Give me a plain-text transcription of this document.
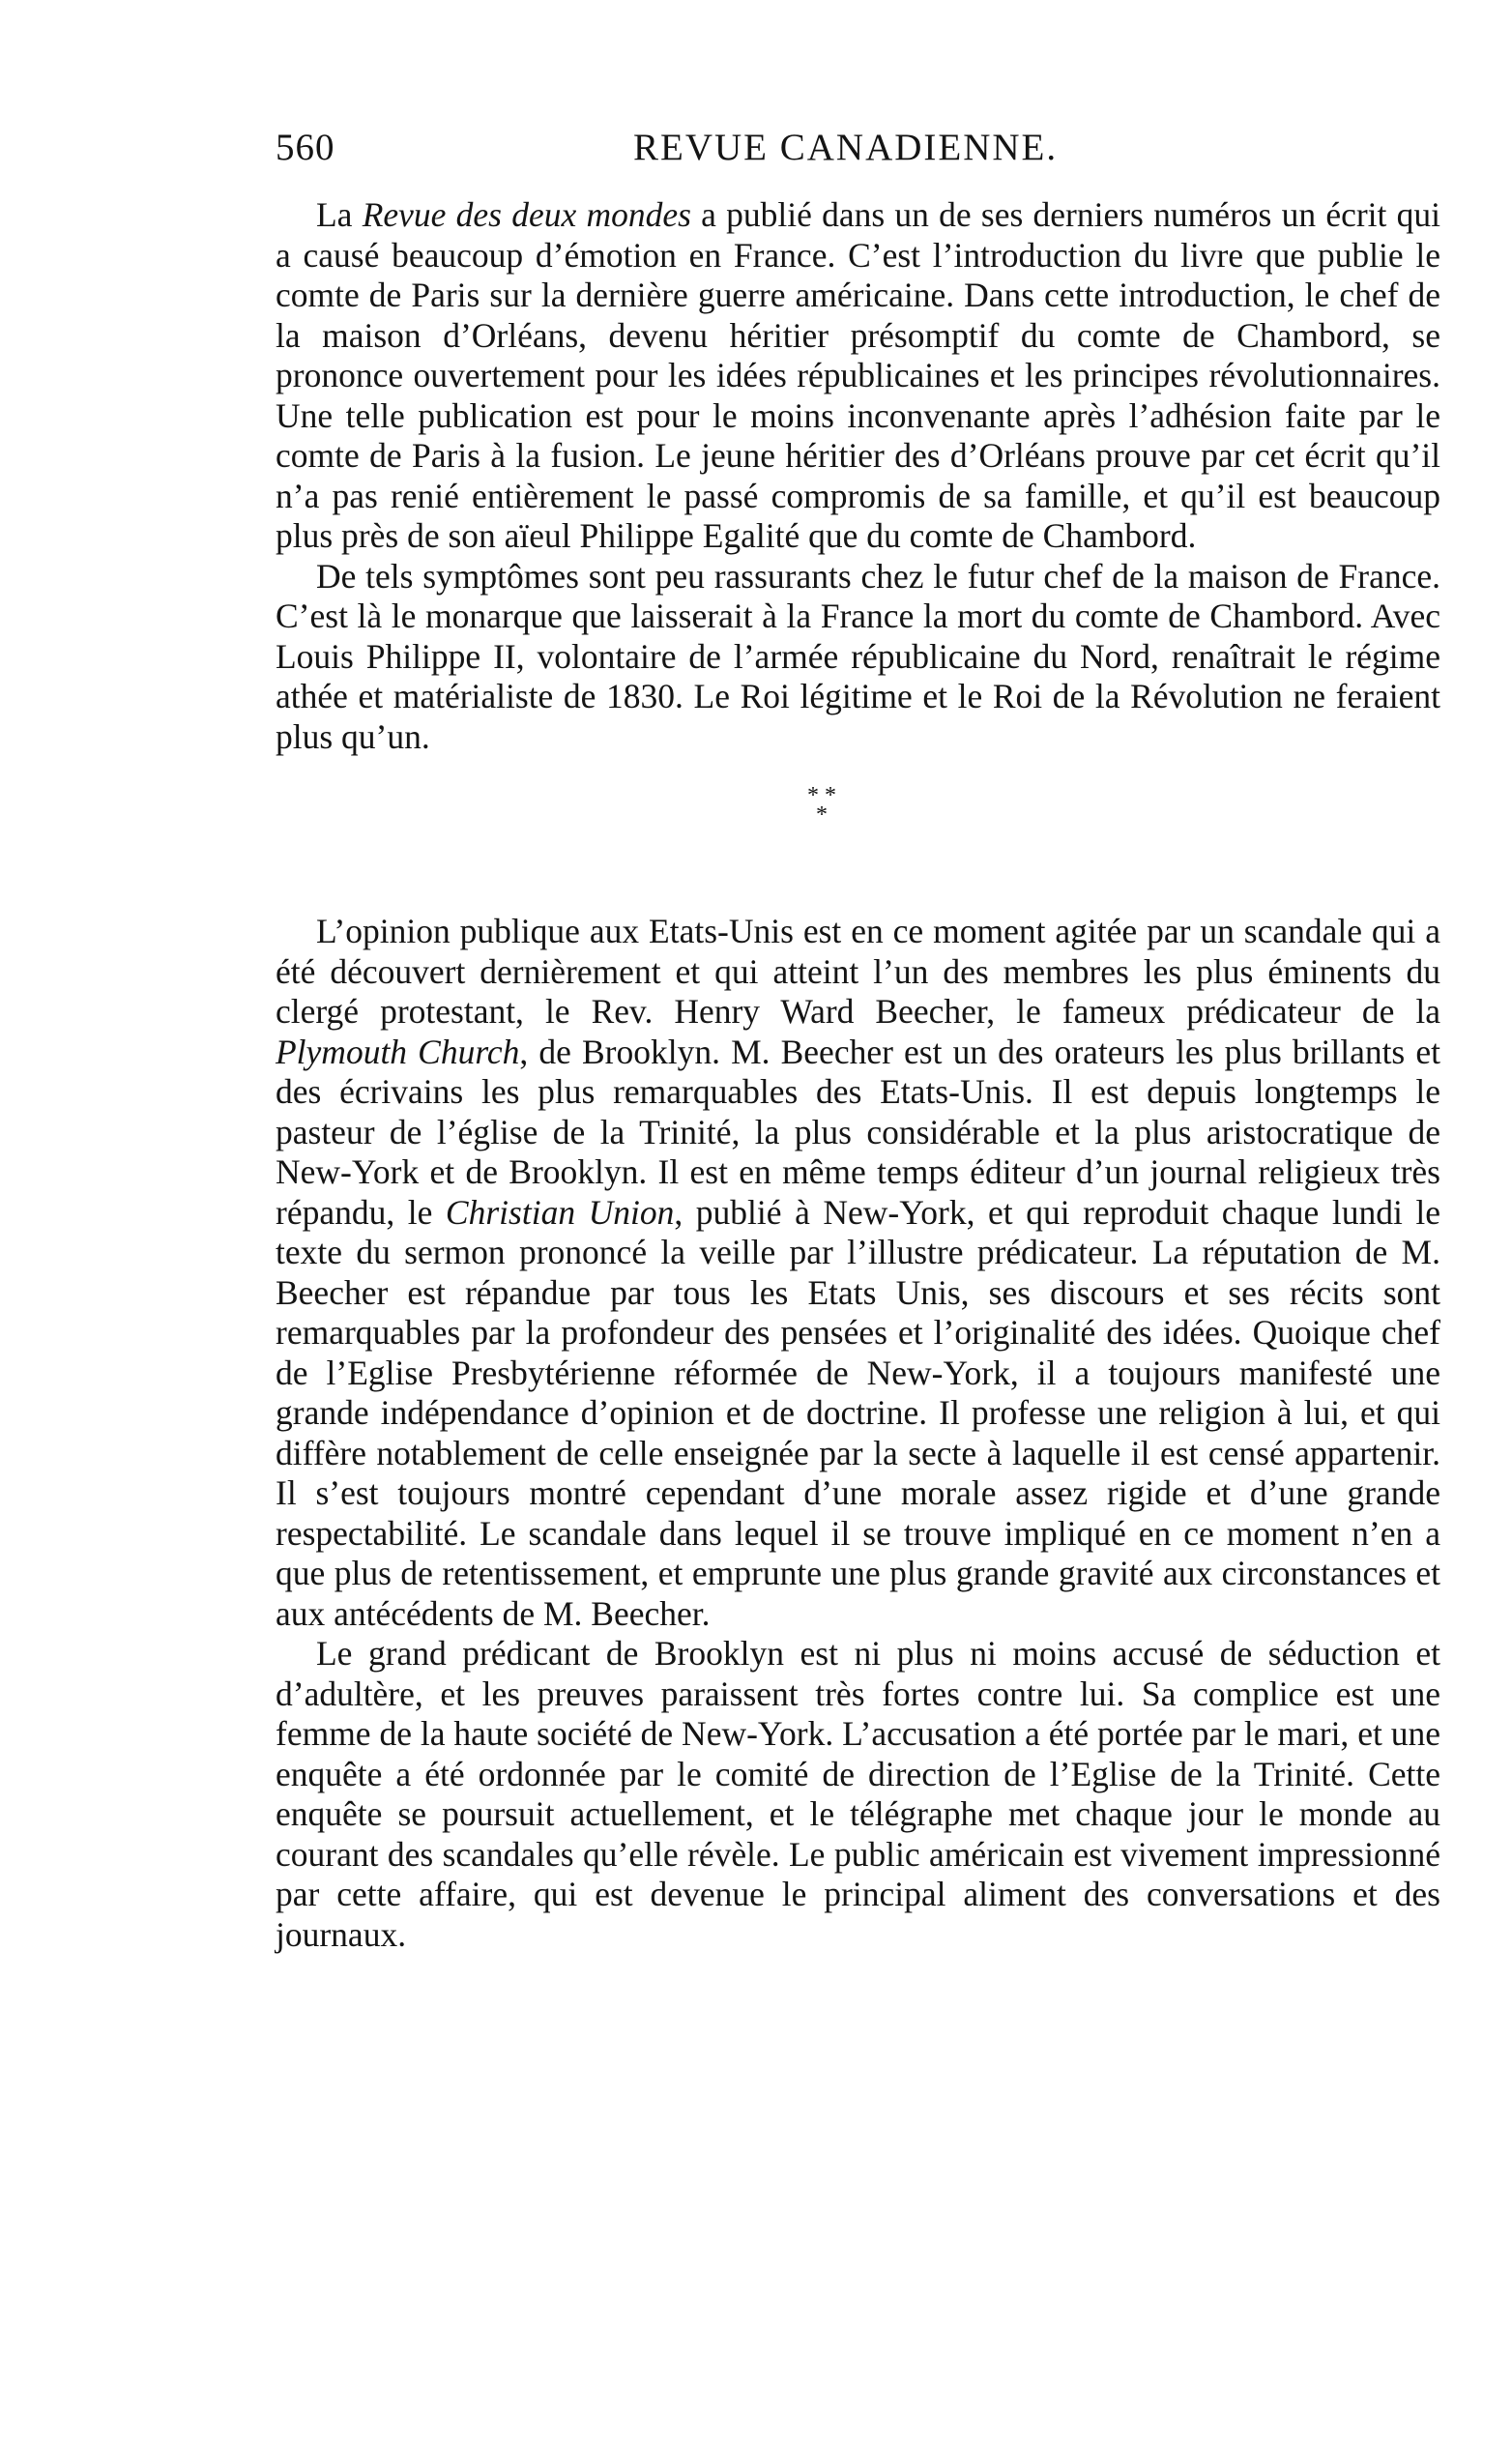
560	REVUE CANADIENNE.

La Revue des deux mondes a publié dans un de ses derniers numéros un écrit qui a causé beaucoup d’émotion en France. C’est l’introduction du livre que publie le comte de Paris sur la dernière guerre américaine. Dans cette introduction, le chef de la maison d’Orléans, devenu héritier présomptif du comte de Chambord, se prononce ouvertement pour les idées républicaines et les principes révolutionnaires. Une telle publication est pour le moins inconvenante après l’adhésion faite par le comte de Paris à la fusion. Le jeune héritier des d’Orléans prouve par cet écrit qu’il n’a pas renié entièrement le passé compromis de sa famille, et qu’il est beaucoup plus près de son aïeul Philippe Egalité que du comte de Chambord.

De tels symptômes sont peu rassurants chez le futur chef de la maison de France. C’est là le monarque que laisserait à la France la mort du comte de Chambord. Avec Louis Philippe II, volontaire de l’armée républicaine du Nord, renaîtrait le régime athée et matérialiste de 1830. Le Roi légitime et le Roi de la Révolution ne feraient plus qu’un.

* *
*

L’opinion publique aux Etats-Unis est en ce moment agitée par un scandale qui a été découvert dernièrement et qui atteint l’un des membres les plus éminents du clergé protestant, le Rev. Henry Ward Beecher, le fameux prédicateur de la Plymouth Church, de Brooklyn. M. Beecher est un des orateurs les plus brillants et des écrivains les plus remarquables des Etats-Unis. Il est depuis longtemps le pasteur de l’église de la Trinité, la plus considérable et la plus aristocratique de New-York et de Brooklyn. Il est en même temps éditeur d’un journal religieux très répandu, le Christian Union, publié à New-York, et qui reproduit chaque lundi le texte du sermon prononcé la veille par l’illustre prédicateur. La réputation de M. Beecher est répandue par tous les Etats Unis, ses discours et ses récits sont remarquables par la profondeur des pensées et l’originalité des idées. Quoique chef de l’Eglise Presbytérienne réformée de New-York, il a toujours manifesté une grande indépendance d’opinion et de doctrine. Il professe une religion à lui, et qui diffère notablement de celle enseignée par la secte à laquelle il est censé appartenir. Il s’est toujours montré cependant d’une morale assez rigide et d’une grande respectabilité. Le scandale dans lequel il se trouve impliqué en ce moment n’en a que plus de retentissement, et emprunte une plus grande gravité aux circonstances et aux antécédents de M. Beecher.

Le grand prédicant de Brooklyn est ni plus ni moins accusé de séduction et d’adultère, et les preuves paraissent très fortes contre lui. Sa complice est une femme de la haute société de New-York. L’accusation a été portée par le mari, et une enquête a été ordonnée par le comité de direction de l’Eglise de la Trinité. Cette enquête se poursuit actuellement, et le télégraphe met chaque jour le monde au courant des scandales qu’elle révèle. Le public américain est vivement impressionné par cette affaire, qui est devenue le principal aliment des conversations et des journaux.
